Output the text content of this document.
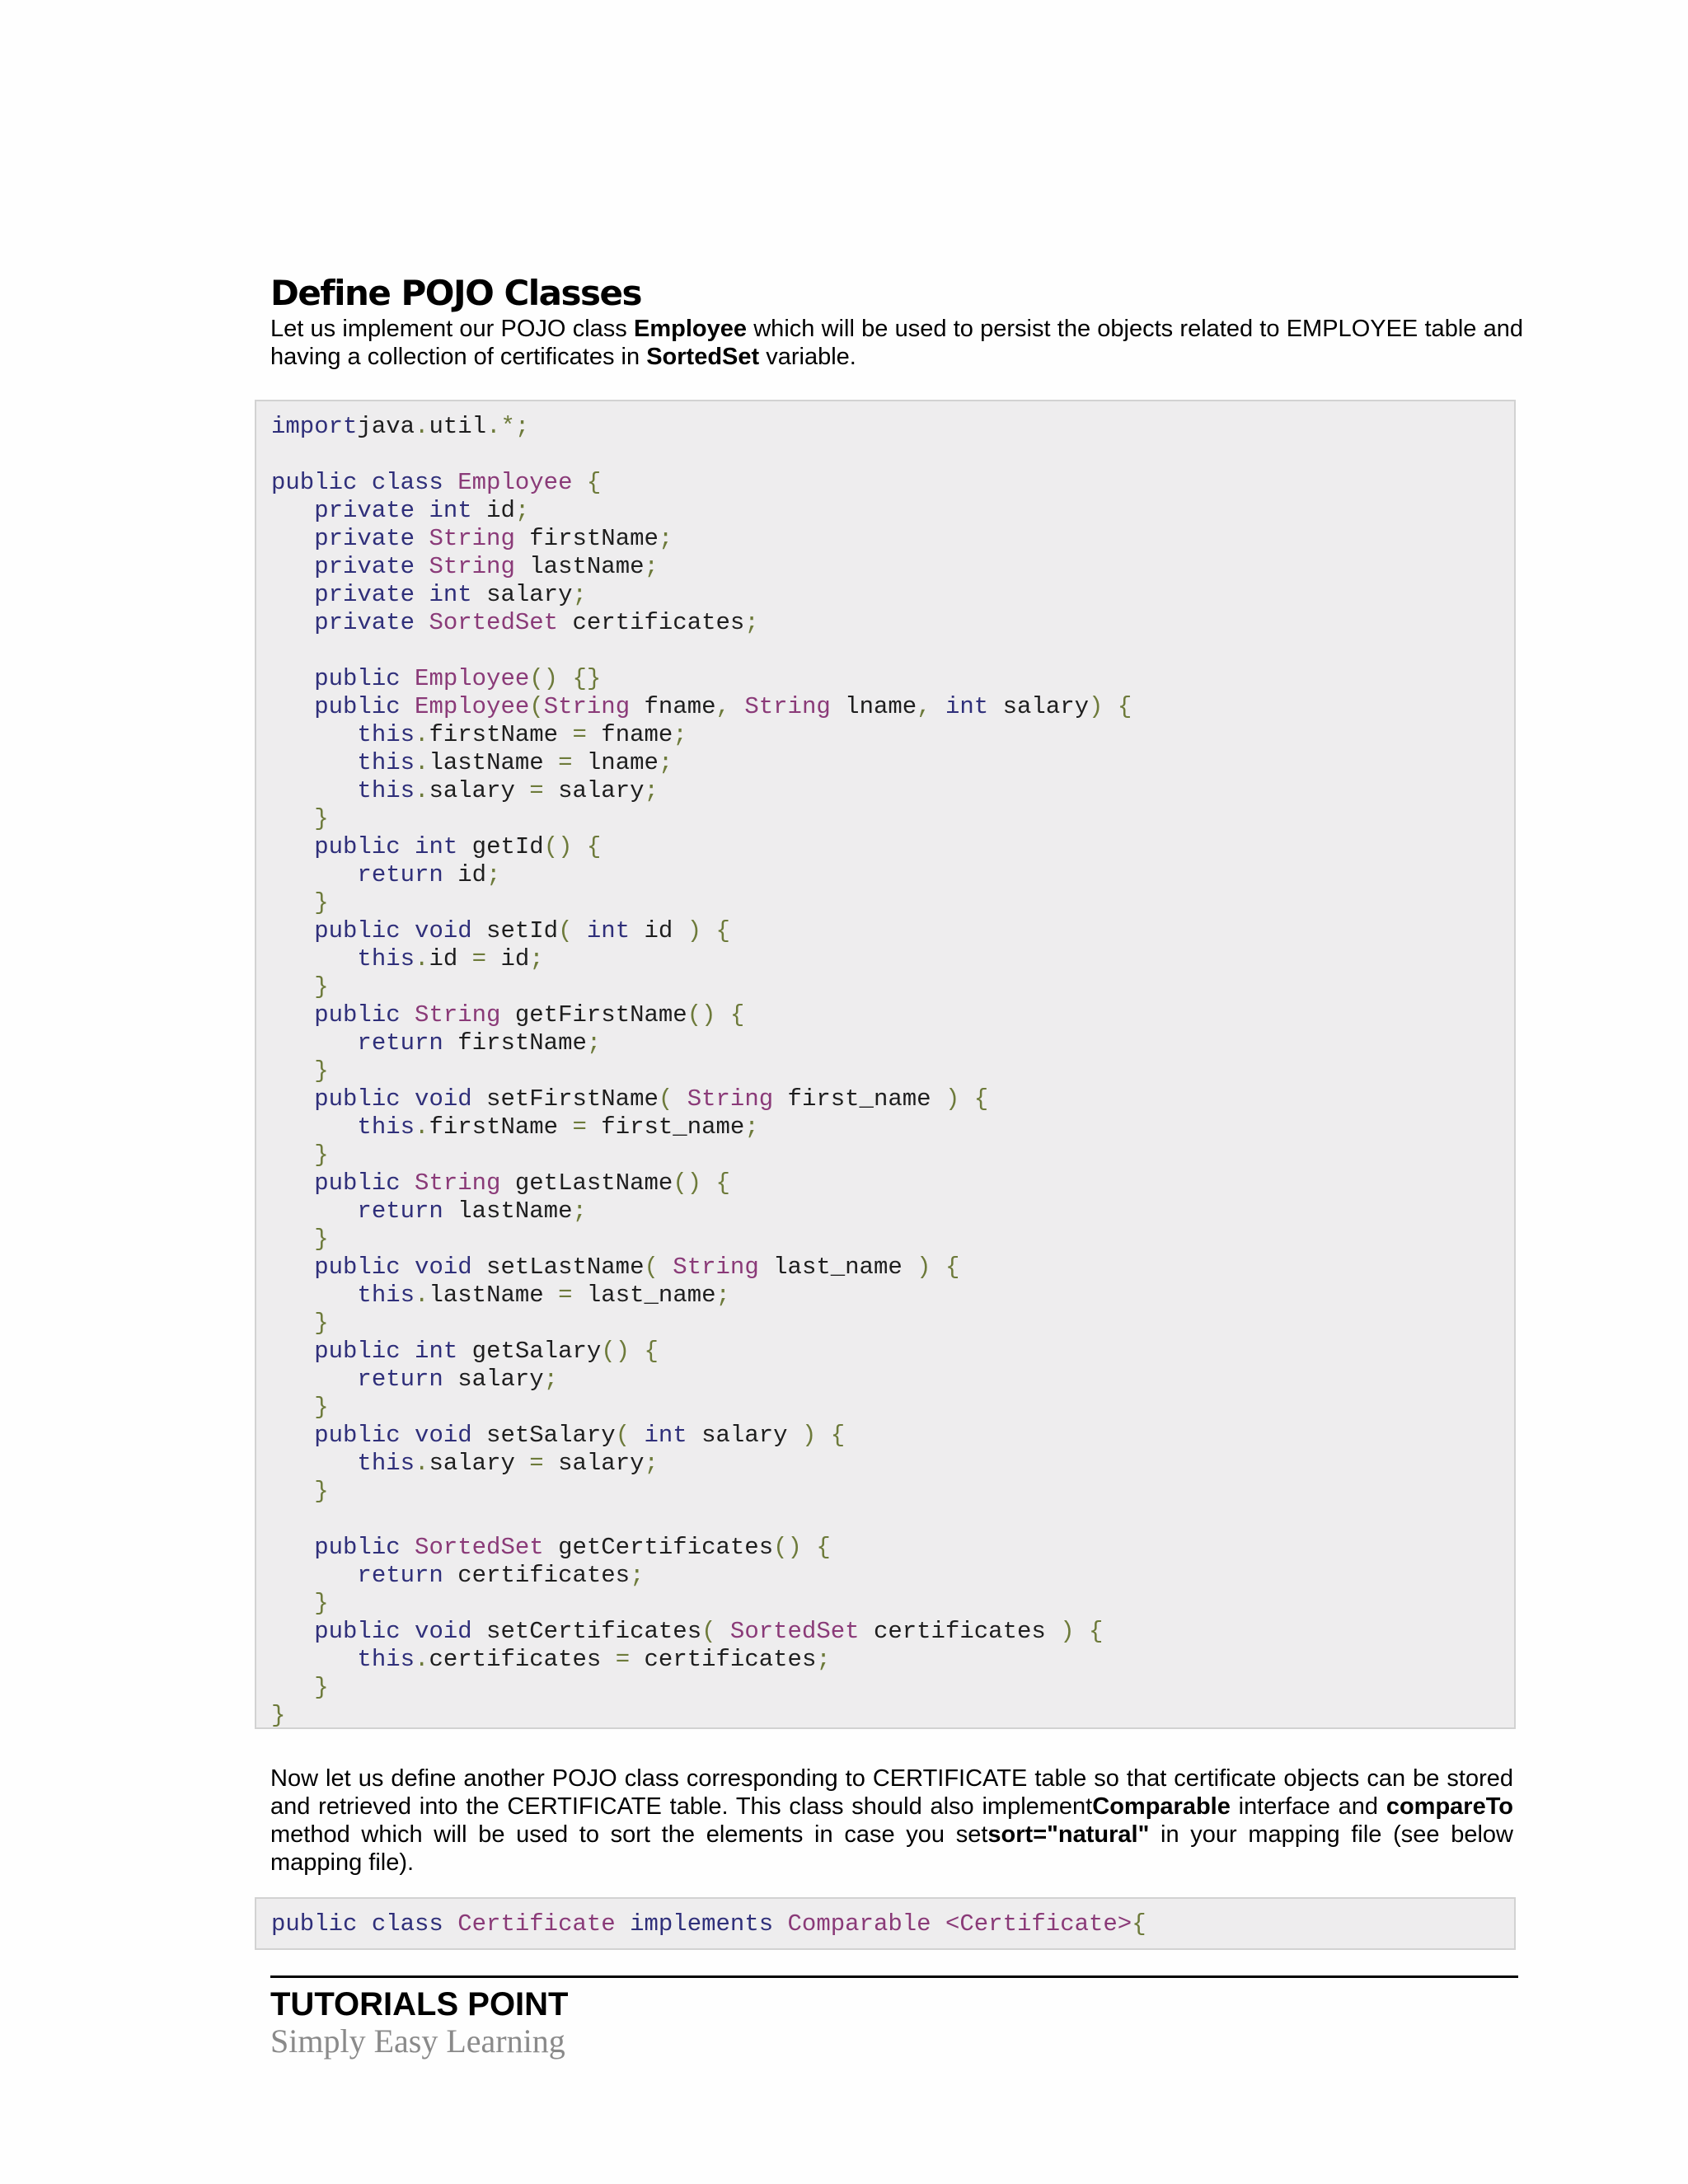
Define POJO Classes

Let us implement our POJO class Employee which will be used to persist the objects related to EMPLOYEE table and having a collection of certificates in SortedSet variable.

importjava.util.*;

public class Employee {
private int id;
private String firstName;
private String lastName;
private int salary;
private SortedSet certificates;

public Employee() {}
public Employee(String fname, String lname, int salary) {
this.firstName = fname;
this.lastName = lname;
this.salary = salary;
}
public int getId() {
return id;
}
public void setId( int id ) {
this.id = id;
}
public String getFirstName() {
return firstName;
}
public void setFirstName( String first_name ) {
this.firstName = first_name;
}
public String getLastName() {
return lastName;
}
public void setLastName( String last_name ) {
this.lastName = last_name;
}
public int getSalary() {
return salary;
}
public void setSalary( int salary ) {
this.salary = salary;
}

public SortedSet getCertificates() {
return certificates;
}
public void setCertificates( SortedSet certificates ) {
this.certificates = certificates;
}
}
Now let us define another POJO class corresponding to CERTIFICATE table so that certificate objects can be stored and retrieved into the CERTIFICATE table. This class should also implementComparable interface and compareTo method which will be used to sort the elements in case you setsort="natural" in your mapping file (see below mapping file).
public class Certificate implements Comparable <Certificate>{
TUTORIALS POINT
Simply Easy Learning
